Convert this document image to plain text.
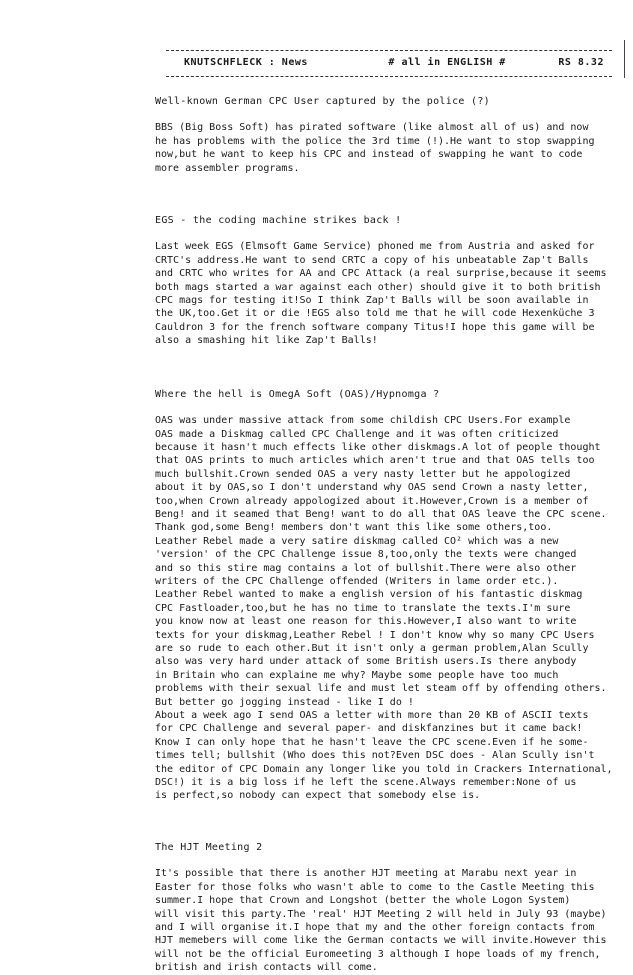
KNUTSCHFLECK : News	# all in ENGLISH #	RS 8.32
Well-known German CPC User captured by the police (?)
BBS (Big Boss Soft) has pirated software (like almost all of us) and now
he has problems with the police the 3rd time (!).He want to stop swapping
now,but he want to keep his CPC and instead of swapping he want to code
more assembler programs.
EGS - the coding machine strikes back !
Last week EGS (Elmsoft Game Service) phoned me from Austria and asked for
CRTC's address.He want to send CRTC a copy of his unbeatable Zap't Balls
and CRTC who writes for AA and CPC Attack (a real surprise,because it seems
both mags started a war against each other) should give it to both british
CPC mags for testing it!So I think Zap't Balls will be soon available in
the UK,too.Get it or die !EGS also told me that he will code Hexenküche 3
Cauldron 3 for the french software company Titus!I hope this game will be
also a smashing hit like Zap't Balls!
Where the hell is OmegA Soft (OAS)/Hypnomga ?
OAS was under massive attack from some childish CPC Users.For example
OAS made a Diskmag called CPC Challenge and it was often criticized
because it hasn't much effects like other diskmags.A lot of people thought
that OAS prints to much articles which aren't true and that OAS tells too
much bullshit.Crown sended OAS a very nasty letter but he appologized
about it by OAS,so I don't understand why OAS send Crown a nasty letter,
too,when Crown already appologized about it.However,Crown is a member of
Beng! and it seamed that Beng! want to do all that OAS leave the CPC scene.
Thank god,some Beng! members don't want this like some others,too.
Leather Rebel made a very satire diskmag called CO² which was a new
'version' of the CPC Challenge issue 8,too,only the texts were changed
and so this stire mag contains a lot of bullshit.There were also other
writers of the CPC Challenge offended (Writers in lame order etc.).
Leather Rebel wanted to make a english version of his fantastic diskmag
CPC Fastloader,too,but he has no time to translate the texts.I'm sure
you know now at least one reason for this.However,I also want to write
texts for your diskmag,Leather Rebel ! I don't know why so many CPC Users
are so rude to each other.But it isn't only a german problem,Alan Scully
also was very hard under attack of some British users.Is there anybody
in Britain who can explaine me why? Maybe some people have too much
problems with their sexual life and must let steam off by offending others.
But better go jogging instead - like I do !
About a week ago I send OAS a letter with more than 20 KB of ASCII texts
for CPC Challenge and several paper- and diskfanzines but it came back!
Know I can only hope that he hasn't leave the CPC scene.Even if he some-
times tell; bullshit (Who does this not?Even DSC does - Alan Scully isn't
the editor of CPC Domain any longer like you told in Crackers International,
DSC!) it is a big loss if he left the scene.Always remember:None of us
is perfect,so nobody can expect that somebody else is.
The HJT Meeting 2
It's possible that there is another HJT meeting at Marabu next year in
Easter for those folks who wasn't able to come to the Castle Meeting this
summer.I hope that Crown and Longshot (better the whole Logon System)
will visit this party.The 'real' HJT Meeting 2 will held in July 93 (maybe)
and I will organise it.I hope that my and the other foreign contacts from
HJT memebers will come like the German contacts we will invite.However this
will not be the official Euromeeting 3 although I hope loads of my french,
british and irish contacts will come.
